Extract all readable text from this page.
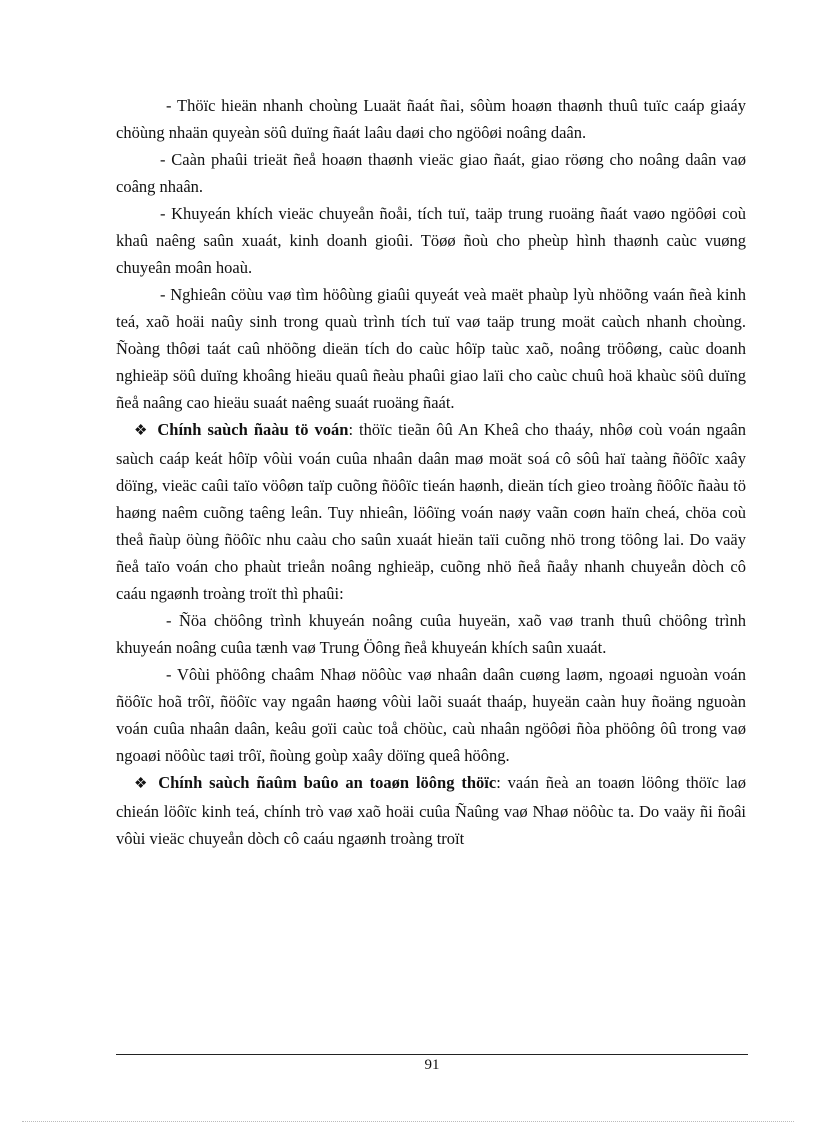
- Thöïc hieän nhanh choùng Luaät ñaát ñai, sôùm hoaøn thaønh thuû tuïc caáp giaáy chöùng nhaän quyeàn söû duïng ñaát laâu daøi cho ngöôøi noâng daân.

- Caàn phaûi trieät ñeå hoaøn thaønh vieäc giao ñaát, giao röøng cho noâng daân vaø coâng nhaân.

- Khuyeán khích vieäc chuyeån ñoåi, tích tuï, taäp trung ruoäng ñaát vaøo ngöôøi coù khaû naêng saûn xuaát, kinh doanh gioûi. Töøø ñoù cho pheùp hình thaønh caùc vuøng chuyeân moân hoaù.

- Nghieân cöùu vaø tìm höôùng giaûi quyeát veà maët phaùp lyù nhöõng vaán ñeà kinh teá, xaõ hoäi naûy sinh trong quaù trình tích tuï vaø taäp trung moät caùch nhanh choùng. Ñoàng thôøi taát caû nhöõng dieän tích do caùc hôïp taùc xaõ, noâng tröôøng, caùc doanh nghieäp söû duïng khoâng hieäu quaû ñeàu phaûi giao laïi cho caùc chuû hoä khaùc söû duïng ñeå naâng cao hieäu suaát naêng suaát ruoäng ñaát.

❖ Chính saùch ñaàu tö voán: thöïc tieãn ôû An Kheâ cho thaáy, nhôø coù voán ngaân saùch caáp keát hôïp vôùi voán cuûa nhaân daân maø moät soá cô sôû haï taàng ñöôïc xaây döïng, vieäc caûi taïo vöôøn taïp cuõng ñöôïc tieán haønh, dieän tích gieo troàng ñöôïc ñaàu tö haøng naêm cuõng taêng leân. Tuy nhieân, löôïng voán naøy vaãn coøn haïn cheá, chöa coù theå ñaùp öùng ñöôïc nhu caàu cho saûn xuaát hieän taïi cuõng nhö trong töông lai. Do vaäy ñeå taïo voán cho phaùt trieån noâng nghieäp, cuõng nhö ñeå ñaåy nhanh chuyeån dòch cô caáu ngaønh troàng troït thì phaûi:

- Ñöa chöông trình khuyeán noâng cuûa huyeän, xaõ vaø tranh thuû chöông trình khuyeán noâng cuûa tænh vaø Trung Öông ñeå khuyeán khích saûn xuaát.

- Vôùi phöông chaâm Nhaø nöôùc vaø nhaân daân cuøng laøm, ngoaøi nguoàn voán ñöôïc hoã trôï, ñöôïc vay ngaân haøng vôùi laõi suaát thaáp, huyeän caàn huy ñoäng nguoàn voán cuûa nhaân daân, keâu goïi caùc toå chöùc, caù nhaân ngöôøi ñòa phöông ôû trong vaø ngoaøi nöôùc taøi trôï, ñoùng goùp xaây döïng queâ höông.

❖ Chính saùch ñaûm baûo an toaøn löông thöïc: vaán ñeà an toaøn löông thöïc laø chieán löôïc kinh teá, chính trò vaø xaõ hoäi cuûa Ñaûng vaø Nhaø nöôùc ta. Do vaäy ñi ñoâi vôùi vieäc chuyeån dòch cô caáu ngaønh troàng troït

91
